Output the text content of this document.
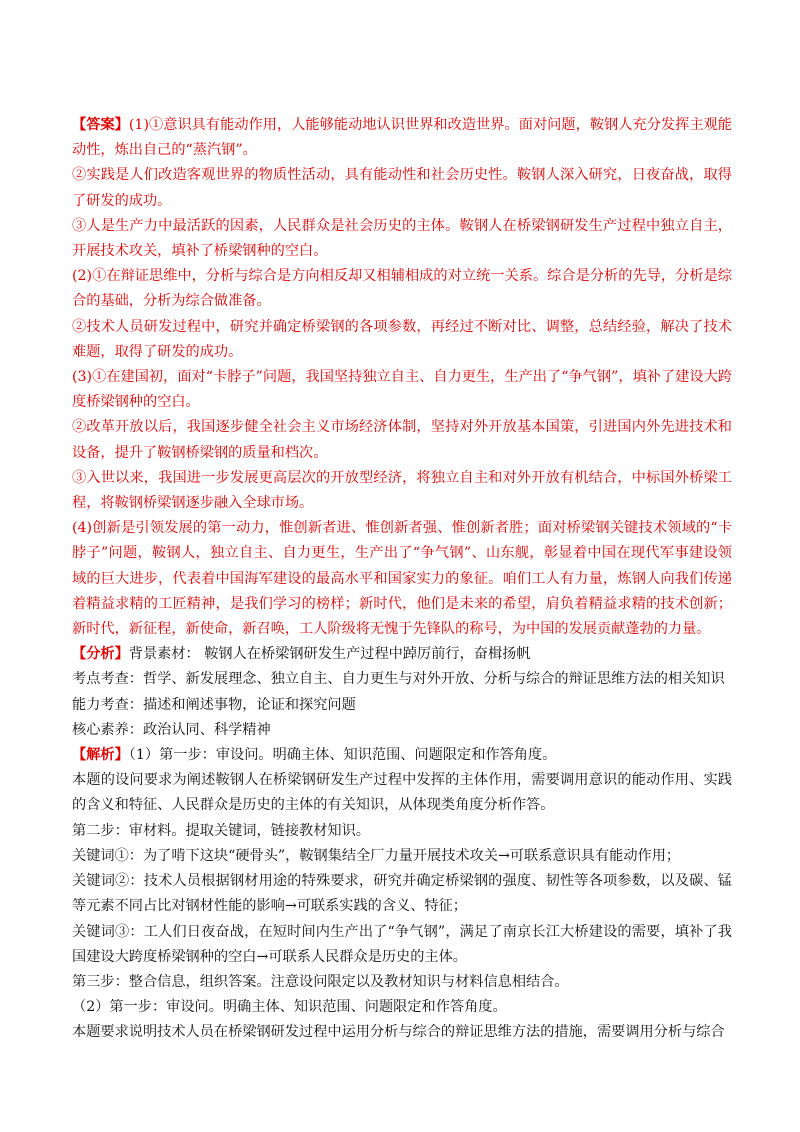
【答案】(1)①意识具有能动作用，人能够能动地认识世界和改造世界。面对问题，鞍钢人充分发挥主观能动性，炼出自己的“蒸汽钢”。

②实践是人们改造客观世界的物质性活动，具有能动性和社会历史性。鞍钢人深入研究，日夜奋战，取得了研发的成功。

③人是生产力中最活跃的因素，人民群众是社会历史的主体。鞍钢人在桥梁钢研发生产过程中独立自主，开展技术攻关，填补了桥梁钢种的空白。

(2)①在辩证思维中，分析与综合是方向相反却又相辅相成的对立统一关系。综合是分析的先导，分析是综合的基础，分析为综合做准备。

②技术人员研发过程中，研究并确定桥梁钢的各项参数，再经过不断对比、调整，总结经验，解决了技术难题，取得了研发的成功。

(3)①在建国初，面对“卡脖子”问题，我国坚持独立自主、自力更生，生产出了“争气钢”，填补了建设大跨度桥梁钢种的空白。

②改革开放以后，我国逐步健全社会主义市场经济体制，坚持对外开放基本国策，引进国内外先进技术和设备，提升了鞍钢桥梁钢的质量和档次。

③入世以来，我国进一步发展更高层次的开放型经济，将独立自主和对外开放有机结合，中标国外桥梁工程，将鞍钢桥梁钢逐步融入全球市场。

(4)创新是引领发展的第一动力，惟创新者进、惟创新者强、惟创新者胜；面对桥梁钢关键技术领域的“卡脖子”问题，鞍钢人，独立自主、自力更生，生产出了“争气钢”、山东舰，彰显着中国在现代军事建设领域的巨大进步，代表着中国海军建设的最高水平和国家实力的象征。咱们工人有力量，炼钢人向我们传递着精益求精的工匠精神，是我们学习的榜样；新时代，他们是未来的希望，肩负着精益求精的技术创新；新时代，新征程，新使命，新召唤，工人阶级将无愧于先锋队的称号，为中国的发展贡献蓬勃的力量。

【分析】背景素材： 鞍钢人在桥梁钢研发生产过程中踔厉前行，奋楫扬帆

考点考查：哲学、新发展理念、独立自主、自力更生与对外开放、分析与综合的辩证思维方法的相关知识

能力考查：描述和阐述事物，论证和探究问题

核心素养：政治认同、科学精神

【解析】（1）第一步：审设问。明确主体、知识范围、问题限定和作答角度。

本题的设问要求为阐述鞍钢人在桥梁钢研发生产过程中发挥的主体作用，需要调用意识的能动作用、实践的含义和特征、人民群众是历史的主体的有关知识，从体现类角度分析作答。

第二步：审材料。提取关键词，链接教材知识。

关键词①：为了啃下这块“硬骨头”，鞍钢集结全厂力量开展技术攻关→可联系意识具有能动作用；

关键词②：技术人员根据钢材用途的特殊要求，研究并确定桥梁钢的强度、韧性等各项参数，以及碳、锰等元素不同占比对钢材性能的影响→可联系实践的含义、特征；

关键词③：工人们日夜奋战，在短时间内生产出了“争气钢”，满足了南京长江大桥建设的需要，填补了我国建设大跨度桥梁钢种的空白→可联系人民群众是历史的主体。

第三步：整合信息，组织答案。注意设问限定以及教材知识与材料信息相结合。

（2）第一步：审设问。明确主体、知识范围、问题限定和作答角度。

本题要求说明技术人员在桥梁钢研发过程中运用分析与综合的辩证思维方法的措施，需要调用分析与综合
